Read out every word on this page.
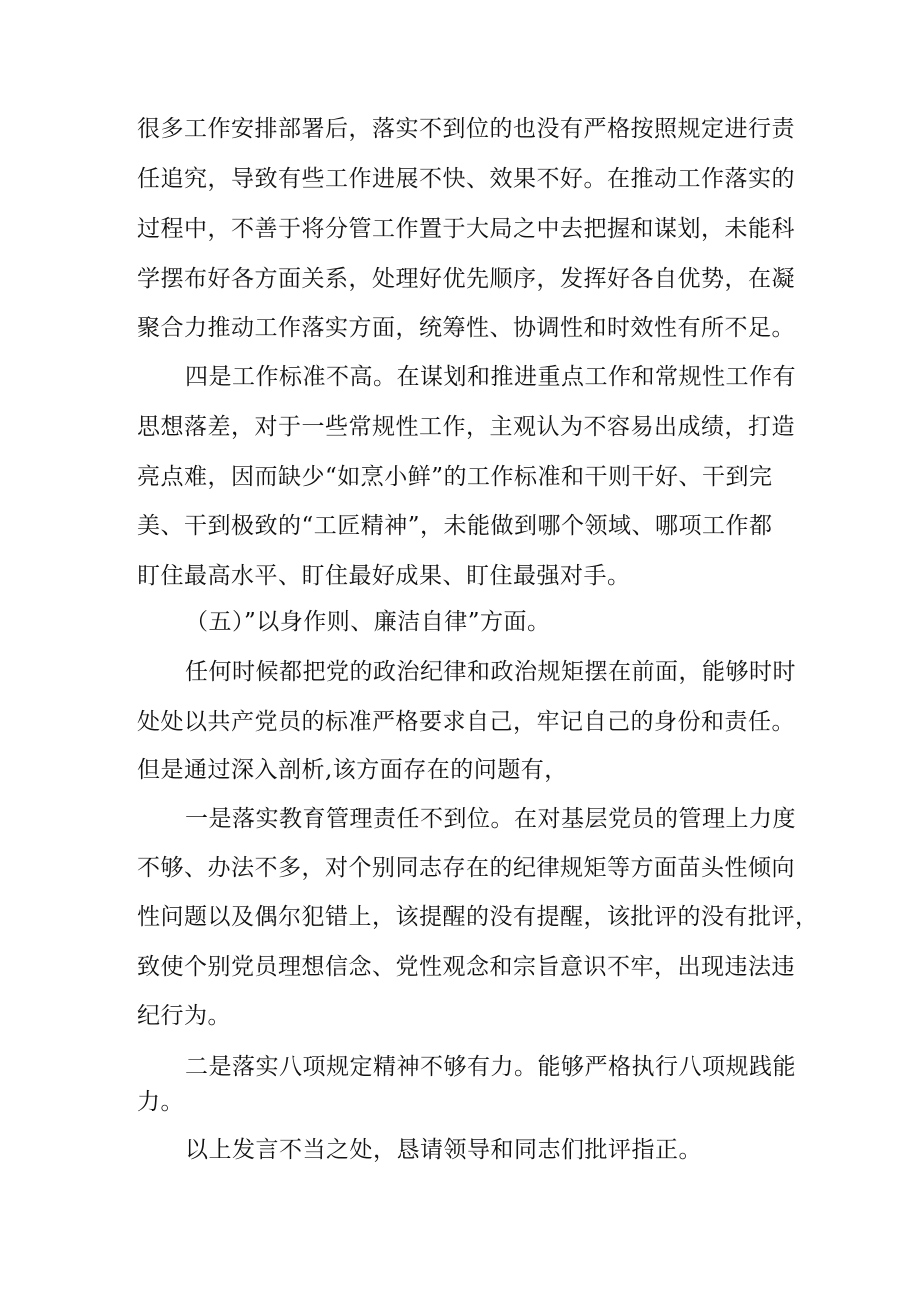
很多工作安排部署后，落实不到位的也没有严格按照规定进行责
任追究，导致有些工作进展不快、效果不好。在推动工作落实的
过程中，不善于将分管工作置于大局之中去把握和谋划，未能科
学摆布好各方面关系，处理好优先顺序，发挥好各自优势，在凝
聚合力推动工作落实方面，统筹性、协调性和时效性有所不足。
四是工作标准不高。在谋划和推进重点工作和常规性工作有
思想落差，对于一些常规性工作，主观认为不容易出成绩，打造
亮点难，因而缺少“如烹小鲜”的工作标准和干则干好、干到完
美、干到极致的“工匠精神”，未能做到哪个领域、哪项工作都
盯住最高水平、盯住最好成果、盯住最强对手。
（五）”以身作则、廉洁自律”方面。
任何时候都把党的政治纪律和政治规矩摆在前面，能够时时
处处以共产党员的标准严格要求自己，牢记自己的身份和责任。
但是通过深入剖析,该方面存在的问题有，
一是落实教育管理责任不到位。在对基层党员的管理上力度
不够、办法不多，对个别同志存在的纪律规矩等方面苗头性倾向
性问题以及偶尔犯错上，该提醒的没有提醒，该批评的没有批评，
致使个别党员理想信念、党性观念和宗旨意识不牢，出现违法违
纪行为。
二是落实八项规定精神不够有力。能够严格执行八项规践能
力。
以上发言不当之处，恳请领导和同志们批评指正。
